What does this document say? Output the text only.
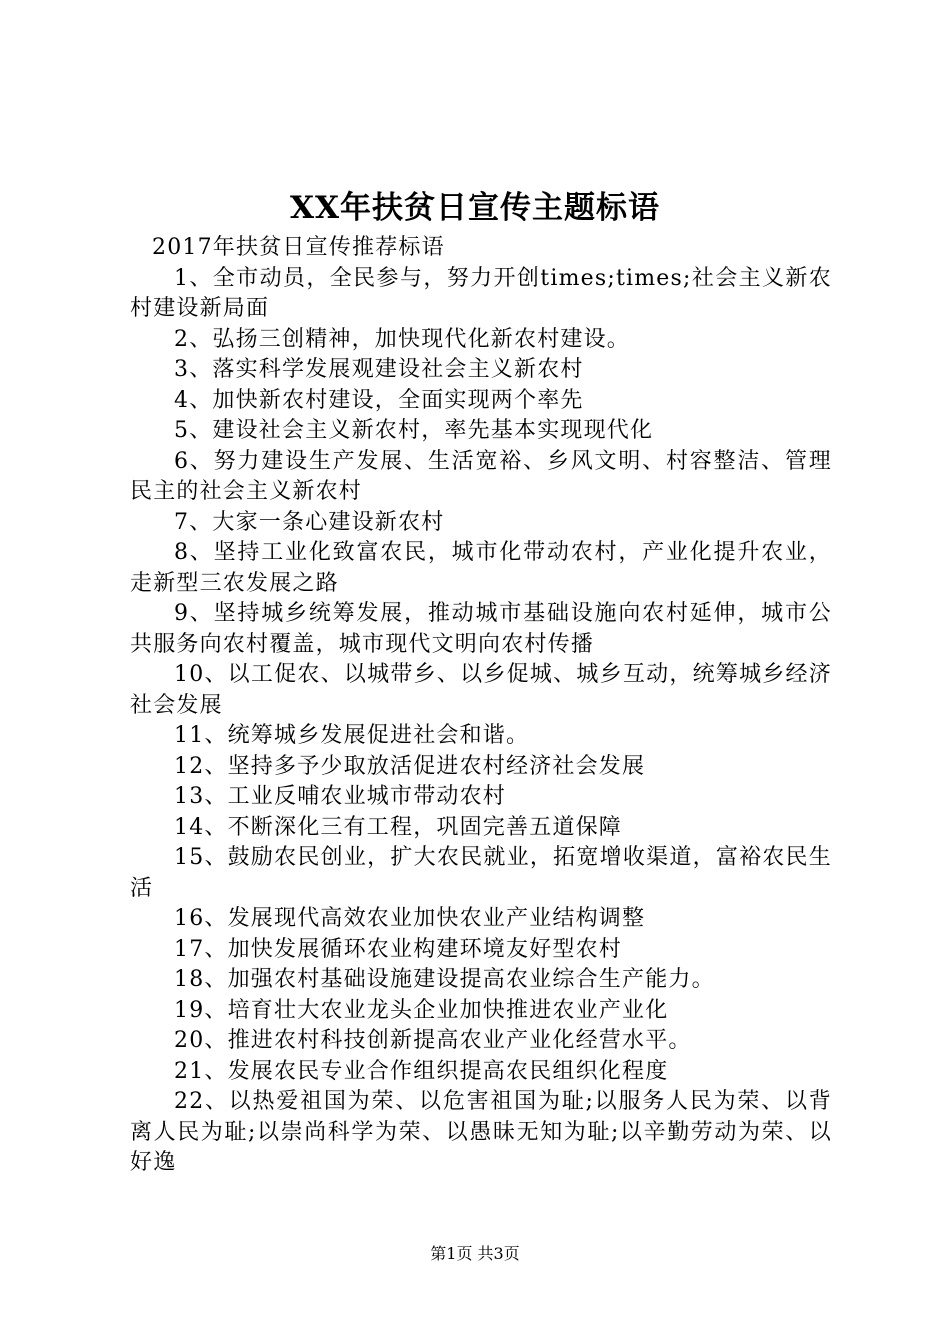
XX年扶贫日宣传主题标语

2017年扶贫日宣传推荐标语

1、全市动员，全民参与，努力开创times;times;社会主义新农村建设新局面

2、弘扬三创精神，加快现代化新农村建设。

3、落实科学发展观建设社会主义新农村

4、加快新农村建设，全面实现两个率先

5、建设社会主义新农村，率先基本实现现代化

6、努力建设生产发展、生活宽裕、乡风文明、村容整洁、管理民主的社会主义新农村

7、大家一条心建设新农村

8、坚持工业化致富农民，城市化带动农村，产业化提升农业，走新型三农发展之路

9、坚持城乡统筹发展，推动城市基础设施向农村延伸，城市公共服务向农村覆盖，城市现代文明向农村传播

10、以工促农、以城带乡、以乡促城、城乡互动，统筹城乡经济社会发展

11、统筹城乡发展促进社会和谐。

12、坚持多予少取放活促进农村经济社会发展

13、工业反哺农业城市带动农村

14、不断深化三有工程，巩固完善五道保障

15、鼓励农民创业，扩大农民就业，拓宽增收渠道，富裕农民生活

16、发展现代高效农业加快农业产业结构调整

17、加快发展循环农业构建环境友好型农村

18、加强农村基础设施建设提高农业综合生产能力。

19、培育壮大农业龙头企业加快推进农业产业化

20、推进农村科技创新提高农业产业化经营水平。

21、发展农民专业合作组织提高农民组织化程度

22、以热爱祖国为荣、以危害祖国为耻;以服务人民为荣、以背离人民为耻;以崇尚科学为荣、以愚昧无知为耻;以辛勤劳动为荣、以好逸

第1页 共3页
